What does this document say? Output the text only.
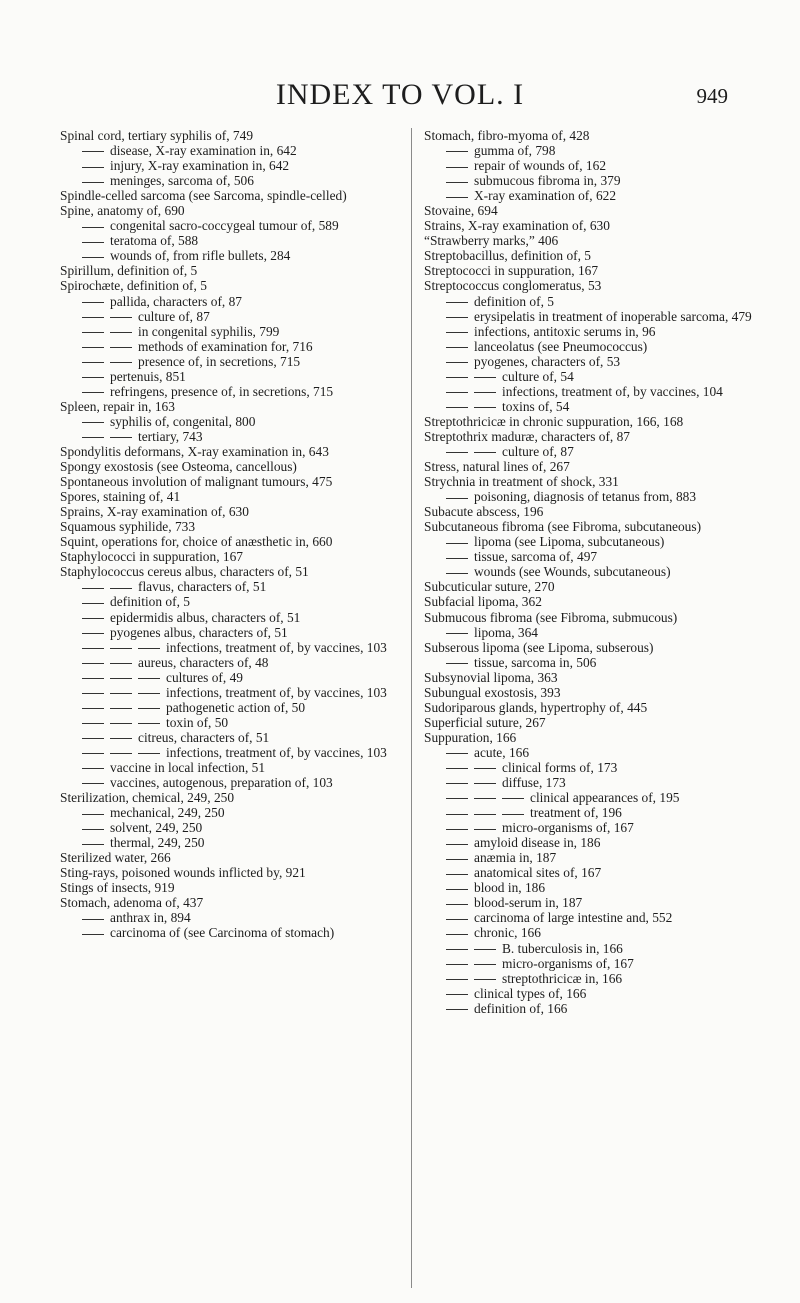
INDEX TO VOL. I	949
Spinal cord, tertiary syphilis of, 749
disease, X-ray examination in, 642
injury, X-ray examination in, 642
meninges, sarcoma of, 506
Spindle-celled sarcoma (see Sarcoma, spindle-celled)
Spine, anatomy of, 690
congenital sacro-coccygeal tumour of, 589
teratoma of, 588
wounds of, from rifle bullets, 284
Spirillum, definition of, 5
Spirochæte, definition of, 5
pallida, characters of, 87
culture of, 87
in congenital syphilis, 799
methods of examination for, 716
presence of, in secretions, 715
pertenuis, 851
refringens, presence of, in secretions, 715
Spleen, repair in, 163
syphilis of, congenital, 800
tertiary, 743
Spondylitis deformans, X-ray examination in, 643
Spongy exostosis (see Osteoma, cancellous)
Spontaneous involution of malignant tumours, 475
Spores, staining of, 41
Sprains, X-ray examination of, 630
Squamous syphilide, 733
Squint, operations for, choice of anæsthetic in, 660
Staphylococci in suppuration, 167
Staphylococcus cereus albus, characters of, 51
flavus, characters of, 51
definition of, 5
epidermidis albus, characters of, 51
pyogenes albus, characters of, 51
infections, treatment of, by vaccines, 103
aureus, characters of, 48
cultures of, 49
infections, treatment of, by vaccines, 103
pathogenetic action of, 50
toxin of, 50
citreus, characters of, 51
infections, treatment of, by vaccines, 103
vaccine in local infection, 51
vaccines, autogenous, preparation of, 103
Sterilization, chemical, 249, 250
mechanical, 249, 250
solvent, 249, 250
thermal, 249, 250
Sterilized water, 266
Sting-rays, poisoned wounds inflicted by, 921
Stings of insects, 919
Stomach, adenoma of, 437
anthrax in, 894
carcinoma of (see Carcinoma of stomach)
Stomach, fibro-myoma of, 428
gumma of, 798
repair of wounds of, 162
submucous fibroma in, 379
X-ray examination of, 622
Stovaine, 694
Strains, X-ray examination of, 630
“Strawberry marks,” 406
Streptobacillus, definition of, 5
Streptococci in suppuration, 167
Streptococcus conglomeratus, 53
definition of, 5
erysipelatis in treatment of inoperable sarcoma, 479
infections, antitoxic serums in, 96
lanceolatus (see Pneumococcus)
pyogenes, characters of, 53
culture of, 54
infections, treatment of, by vaccines, 104
toxins of, 54
Streptothricicæ in chronic suppuration, 166, 168
Streptothrix maduræ, characters of, 87
culture of, 87
Stress, natural lines of, 267
Strychnia in treatment of shock, 331
poisoning, diagnosis of tetanus from, 883
Subacute abscess, 196
Subcutaneous fibroma (see Fibroma, subcutaneous)
lipoma (see Lipoma, subcutaneous)
tissue, sarcoma of, 497
wounds (see Wounds, subcutaneous)
Subcuticular suture, 270
Subfacial lipoma, 362
Submucous fibroma (see Fibroma, submucous)
lipoma, 364
Subserous lipoma (see Lipoma, subserous)
tissue, sarcoma in, 506
Subsynovial lipoma, 363
Subungual exostosis, 393
Sudoriparous glands, hypertrophy of, 445
Superficial suture, 267
Suppuration, 166
acute, 166
clinical forms of, 173
diffuse, 173
clinical appearances of, 195
treatment of, 196
micro-organisms of, 167
amyloid disease in, 186
anæmia in, 187
anatomical sites of, 167
blood in, 186
blood-serum in, 187
carcinoma of large intestine and, 552
chronic, 166
B. tuberculosis in, 166
micro-organisms of, 167
streptothricicæ in, 166
clinical types of, 166
definition of, 166
